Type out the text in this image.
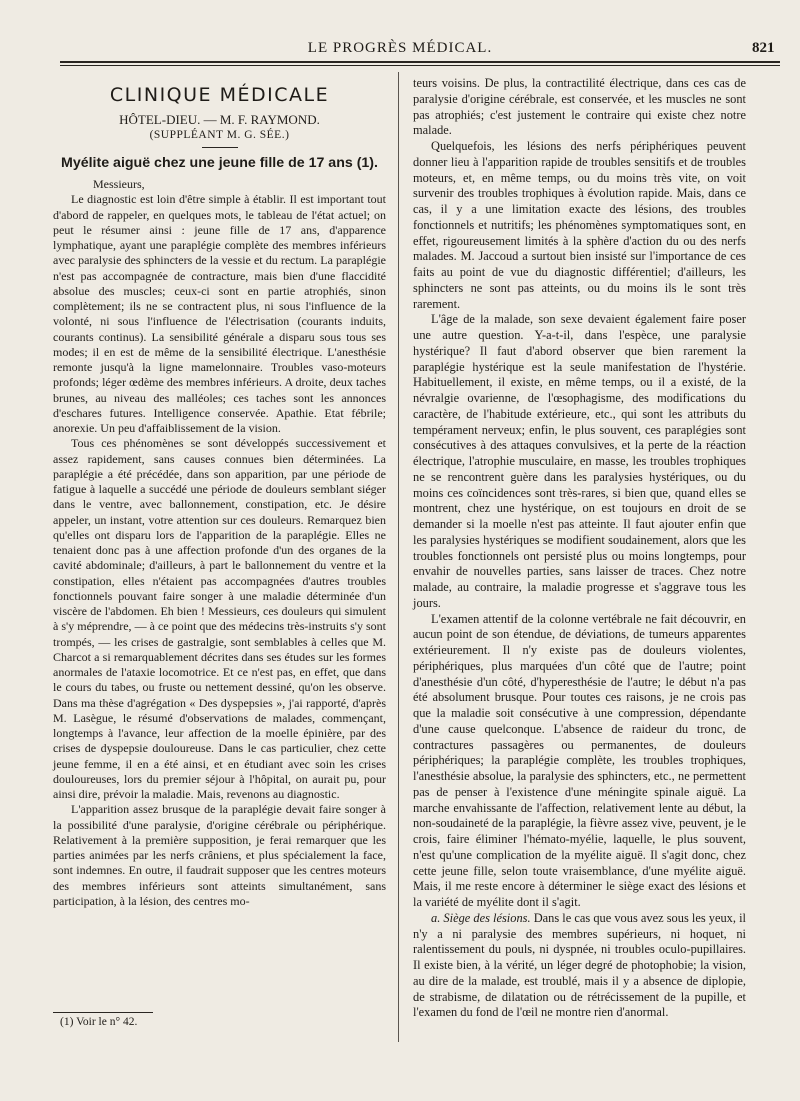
LE PROGRÈS MÉDICAL.	821
CLINIQUE MÉDICALE
HÔTEL-DIEU. — M. F. RAYMOND.
(SUPPLÉANT M. G. SÉE.)
Myélite aiguë chez une jeune fille de 17 ans (1).

Messieurs,

Le diagnostic est loin d'être simple à établir. Il est important tout d'abord de rappeler, en quelques mots, le tableau de l'état actuel; on peut le résumer ainsi : jeune fille de 17 ans, d'apparence lymphatique, ayant une paraplégie complète des membres inférieurs avec paralysie des sphincters de la vessie et du rectum. La paraplégie n'est pas accompagnée de contracture, mais bien d'une flaccidité absolue des muscles; ceux-ci sont en partie atrophiés, sinon complètement; ils ne se contractent plus, ni sous l'influence de la volonté, ni sous l'influence de l'électrisation (courants induits, courants continus). La sensibilité générale a disparu sous tous ses modes; il en est de même de la sensibilité électrique. L'anesthésie remonte jusqu'à la ligne mamelonnaire. Troubles vaso-moteurs profonds; léger œdème des membres inférieurs. A droite, deux taches brunes, au niveau des malléoles; ces taches sont les annonces d'eschares futures. Intelligence conservée. Apathie. Etat fébrile; anorexie. Un peu d'affaiblissement de la vision.

Tous ces phénomènes se sont développés successivement et assez rapidement, sans causes connues bien déterminées. La paraplégie a été précédée, dans son apparition, par une période de fatigue à laquelle a succédé une période de douleurs semblant siéger dans le ventre, avec ballonnement, constipation, etc. Je désire appeler, un instant, votre attention sur ces douleurs. Remarquez bien qu'elles ont disparu lors de l'apparition de la paraplégie. Elles ne tenaient donc pas à une affection profonde d'un des organes de la cavité abdominale; d'ailleurs, à part le ballonnement du ventre et la constipation, elles n'étaient pas accompagnées d'autres troubles fonctionnels pouvant faire songer à une maladie déterminée d'un viscère de l'abdomen. Eh bien ! Messieurs, ces douleurs qui simulent à s'y méprendre, — à ce point que des médecins très-instruits s'y sont trompés, — les crises de gastralgie, sont semblables à celles que M. Charcot a si remarquablement décrites dans ses études sur les formes anormales de l'ataxie locomotrice. Et ce n'est pas, en effet, que dans le cours du tabes, ou fruste ou nettement dessiné, qu'on les observe. Dans ma thèse d'agrégation « Des dyspepsies », j'ai rapporté, d'après M. Lasègue, le résumé d'observations de malades, commençant, longtemps à l'avance, leur affection de la moelle épinière, par des crises de dyspepsie douloureuse. Dans le cas particulier, chez cette jeune femme, il en a été ainsi, et en étudiant avec soin les crises douloureuses, lors du premier séjour à l'hôpital, on aurait pu, pour ainsi dire, prévoir la maladie. Mais, revenons au diagnostic.

L'apparition assez brusque de la paraplégie devait faire songer à la possibilité d'une paralysie, d'origine cérébrale ou périphérique. Relativement à la première supposition, je ferai remarquer que les parties animées par les nerfs crâniens, et plus spécialement la face, sont indemnes. En outre, il faudrait supposer que les centres moteurs des membres inférieurs sont atteints simultanément, sans participation, à la lésion, des centres mo-

teurs voisins. De plus, la contractilité électrique, dans ces cas de paralysie d'origine cérébrale, est conservée, et les muscles ne sont pas atrophiés; c'est justement le contraire qui existe chez notre malade.

Quelquefois, les lésions des nerfs périphériques peuvent donner lieu à l'apparition rapide de troubles sensitifs et de troubles moteurs, et, en même temps, ou du moins très vite, on voit survenir des troubles trophiques à évolution rapide. Mais, dans ce cas, il y a une limitation exacte des lésions, des troubles fonctionnels et nutritifs; les phénomènes symptomatiques sont, en effet, rigoureusement limités à la sphère d'action du ou des nerfs malades. M. Jaccoud a surtout bien insisté sur l'importance de ces faits au point de vue du diagnostic différentiel; d'ailleurs, les sphincters ne sont pas atteints, ou du moins ils le sont très rarement.

L'âge de la malade, son sexe devaient également faire poser une autre question. Y-a-t-il, dans l'espèce, une paralysie hystérique? Il faut d'abord observer que bien rarement la paraplégie hystérique est la seule manifestation de l'hystérie. Habituellement, il existe, en même temps, ou il a existé, de la névralgie ovarienne, de l'œsophagisme, des modifications du caractère, de l'habitude extérieure, etc., qui sont les attributs du tempérament nerveux; enfin, le plus souvent, ces paraplégies sont consécutives à des attaques convulsives, et la perte de la réaction électrique, l'atrophie musculaire, en masse, les troubles trophiques ne se rencontrent guère dans les paralysies hystériques, ou du moins ces coïncidences sont très-rares, si bien que, quand elles se montrent, chez une hystérique, on est toujours en droit de se demander si la moelle n'est pas atteinte. Il faut ajouter enfin que les paralysies hystériques se modifient soudainement, alors que les troubles fonctionnels ont persisté plus ou moins longtemps, pour envahir de nouvelles parties, sans laisser de traces. Chez notre malade, au contraire, la maladie progresse et s'aggrave tous les jours.

L'examen attentif de la colonne vertébrale ne fait découvrir, en aucun point de son étendue, de déviations, de tumeurs apparentes extérieurement. Il n'y existe pas de douleurs violentes, périphériques, plus marquées d'un côté que de l'autre; point d'anesthésie d'un côté, d'hyperesthésie de l'autre; le début n'a pas été absolument brusque. Pour toutes ces raisons, je ne crois pas que la maladie soit consécutive à une compression, dépendante d'une cause quelconque. L'absence de raideur du tronc, de contractures passagères ou permanentes, de douleurs périphériques; la paraplégie complète, les troubles trophiques, l'anesthésie absolue, la paralysie des sphincters, etc., ne permettent pas de penser à l'existence d'une méningite spinale aiguë. La marche envahissante de l'affection, relativement lente au début, la non-soudaineté de la paraplégie, la fièvre assez vive, peuvent, je le crois, faire éliminer l'hémato-myélie, laquelle, le plus souvent, n'est qu'une complication de la myélite aiguë. Il s'agit donc, chez cette jeune fille, selon toute vraisemblance, d'une myélite aiguë. Mais, il me reste encore à déterminer le siège exact des lésions et la variété de myélite dont il s'agit.

a. Siège des lésions. Dans le cas que vous avez sous les yeux, il n'y a ni paralysie des membres supérieurs, ni hoquet, ni ralentissement du pouls, ni dyspnée, ni troubles oculo-pupillaires. Il existe bien, à la vérité, un léger degré de photophobie; la vision, au dire de la malade, est troublé, mais il y a absence de diplopie, de strabisme, de dilatation ou de rétrécissement de la pupille, et l'examen du fond de l'œil ne montre rien d'anormal.

(1) Voir le n° 42.
